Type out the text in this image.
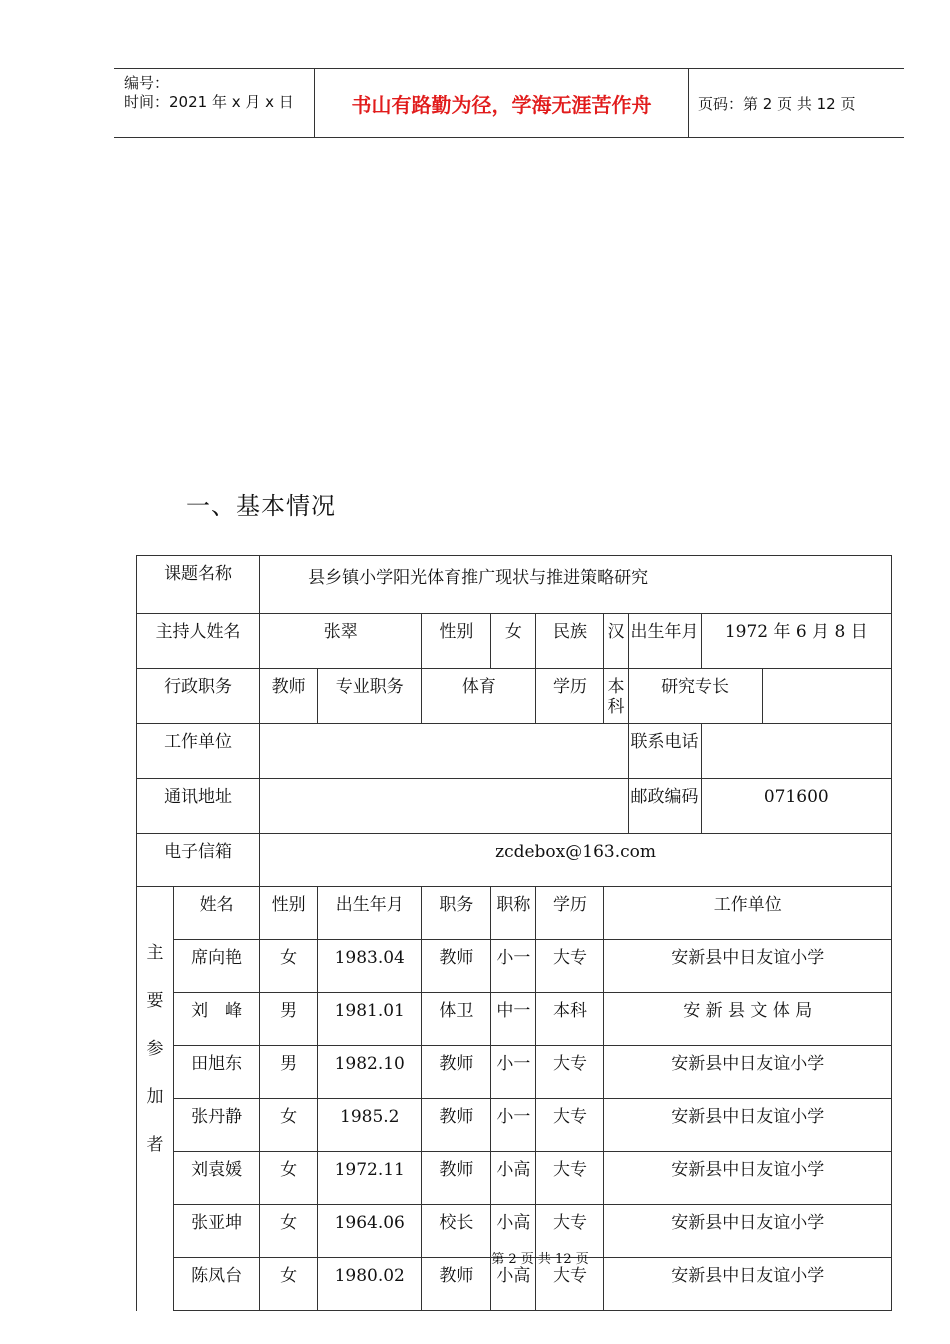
编号：
时间：2021 年 x 月 x 日	书山有路勤为径，学海无涯苦作舟	页码：第 2 页 共 12 页
一、基本情况
课题名称		县乡镇小学阳光体育推广现状与推进策略研究								
主持人姓名		张翠		性别	女	民族	汉	出生年月	1972 年 6 月 8 日	
行政职务		教师	专业职务	体育		学历	本科	研究专长		
工作单位								联系电话		
通讯地址								邮政编码	071600	
电子信箱		zcdebox@163.com								

主
要
参
加
者	姓名	性别	出生年月	职务	职称	学历	工作单位			
	席向艳	女	1983.04	教师	小一	大专	安新县中日友谊小学			
	刘　峰	男	1981.01	体卫	中一	本科	安 新 县 文 体 局			
	田旭东	男	1982.10	教师	小一	大专	安新县中日友谊小学			
	张丹静	女	1985.2	教师	小一	大专	安新县中日友谊小学			
	刘袁媛	女	1972.11	教师	小高	大专	安新县中日友谊小学			
	张亚坤	女	1964.06	校长	小高	大专	安新县中日友谊小学			
	陈凤台	女	1980.02	教师	小高	大专	安新县中日友谊小学			
第 2 页 共 12 页
